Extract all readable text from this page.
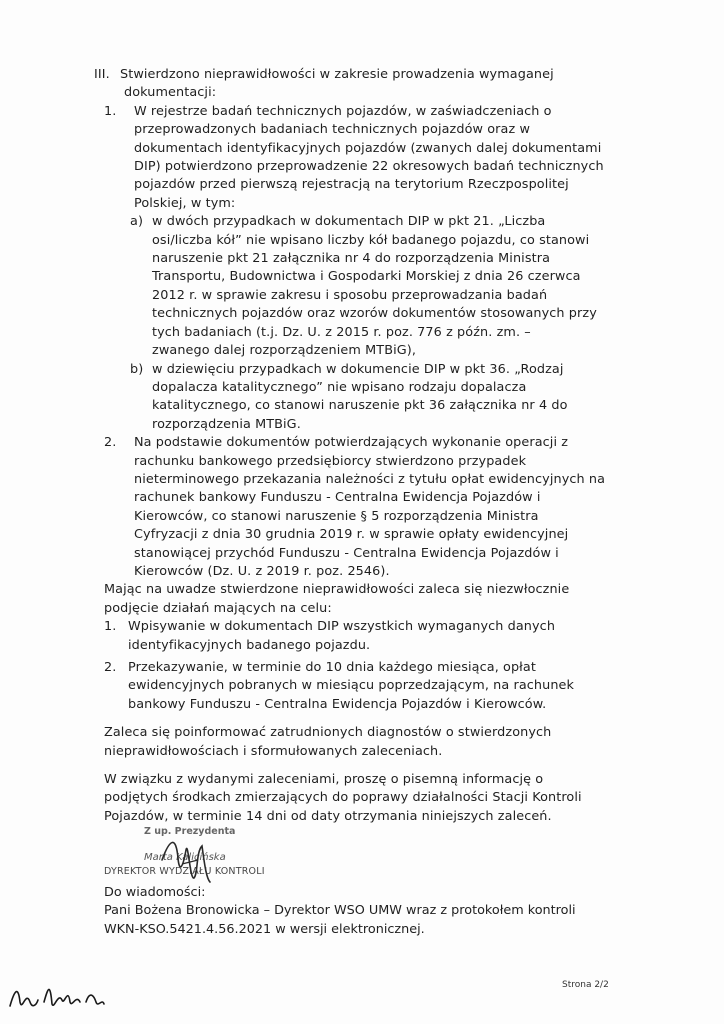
III. Stwierdzono nieprawidłowości w zakresie prowadzenia wymaganej

dokumentacji:

1. W rejestrze badań technicznych pojazdów, w zaświadczeniach o

przeprowadzonych badaniach technicznych pojazdów oraz w

dokumentach identyfikacyjnych pojazdów (zwanych dalej dokumentami

DIP) potwierdzono przeprowadzenie 22 okresowych badań technicznych

pojazdów przed pierwszą rejestracją na terytorium Rzeczpospolitej

Polskiej, w tym:

a) w dwóch przypadkach w dokumentach DIP w pkt 21. „Liczba

osi/liczba kół” nie wpisano liczby kół badanego pojazdu, co stanowi

naruszenie pkt 21 załącznika nr 4 do rozporządzenia Ministra

Transportu, Budownictwa i Gospodarki Morskiej z dnia 26 czerwca

2012 r. w sprawie zakresu i sposobu przeprowadzania badań

technicznych pojazdów oraz wzorów dokumentów stosowanych przy

tych badaniach (t.j. Dz. U. z 2015 r. poz. 776 z późn. zm. –

zwanego dalej rozporządzeniem MTBiG),

b) w dziewięciu przypadkach w dokumencie DIP w pkt 36. „Rodzaj

dopalacza katalitycznego” nie wpisano rodzaju dopalacza

katalitycznego, co stanowi naruszenie pkt 36 załącznika nr 4 do

rozporządzenia MTBiG.

2. Na podstawie dokumentów potwierdzających wykonanie operacji z

rachunku bankowego przedsiębiorcy stwierdzono przypadek

nieterminowego przekazania należności z tytułu opłat ewidencyjnych na

rachunek bankowy Funduszu - Centralna Ewidencja Pojazdów i

Kierowców, co stanowi naruszenie § 5 rozporządzenia Ministra

Cyfryzacji z dnia 30 grudnia 2019 r. w sprawie opłaty ewidencyjnej

stanowiącej przychód Funduszu - Centralna Ewidencja Pojazdów i

Kierowców (Dz. U. z 2019 r. poz. 2546).

Mając na uwadze stwierdzone nieprawidłowości zaleca się niezwłocznie

podjęcie działań mających na celu:

1. Wpisywanie w dokumentach DIP wszystkich wymaganych danych

identyfikacyjnych badanego pojazdu.

2. Przekazywanie, w terminie do 10 dnia każdego miesiąca, opłat

ewidencyjnych pobranych w miesiącu poprzedzającym, na rachunek

bankowy Funduszu - Centralna Ewidencja Pojazdów i Kierowców.

Zaleca się poinformować zatrudnionych diagnostów o stwierdzonych

nieprawidłowościach i sformułowanych zaleceniach.

W związku z wydanymi zaleceniami, proszę o pisemną informację o

podjętych środkach zmierzających do poprawy działalności Stacji Kontroli

Pojazdów, w terminie 14 dni od daty otrzymania niniejszych zaleceń.

Z up. Prezydenta
Marta Kalicińska
DYREKTOR WYDZIAŁU KONTROLI

Do wiadomości:

Pani Bożena Bronowicka – Dyrektor WSO UMW wraz z protokołem kontroli

WKN-KSO.5421.4.56.2021 w wersji elektronicznej.

Strona 2/2
